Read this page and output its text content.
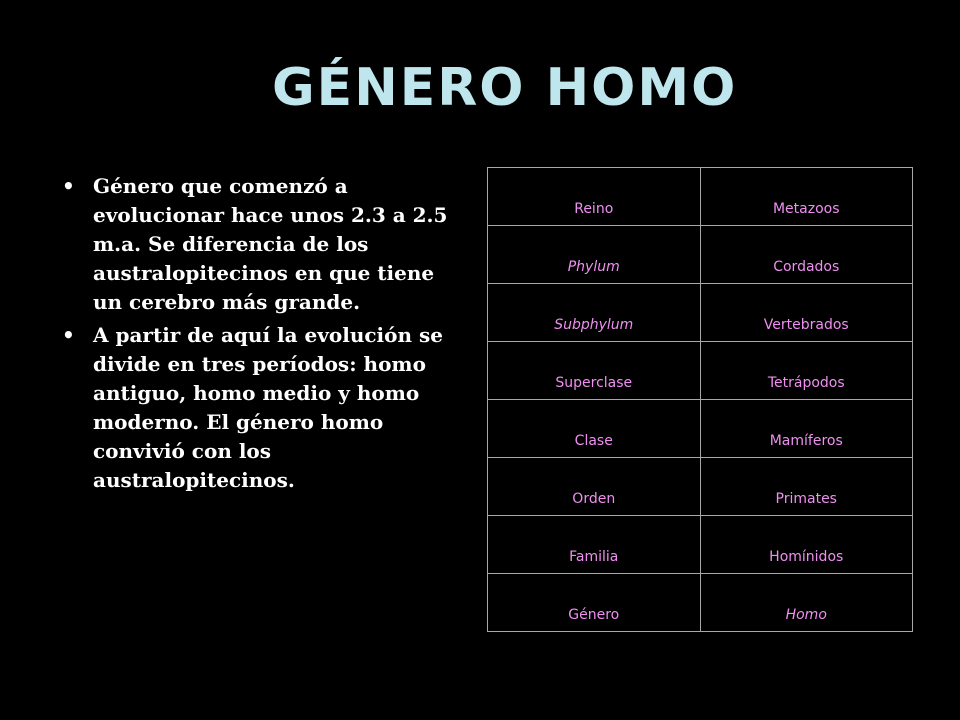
GÉNERO HOMO
• Género que comenzó a evolucionar hace unos 2.3 a 2.5 m.a. Se diferencia de los australopitecinos en que tiene un cerebro más grande.
• A partir de aquí la evolución se divide en tres períodos: homo antiguo, homo medio y homo moderno. El género homo convivió con los australopitecinos.
Reino	Metazoos
Phylum	Cordados
Subphylum	Vertebrados
Superclase	Tetrápodos
Clase	Mamíferos
Orden	Primates
Familia	Homínidos
Género	Homo
